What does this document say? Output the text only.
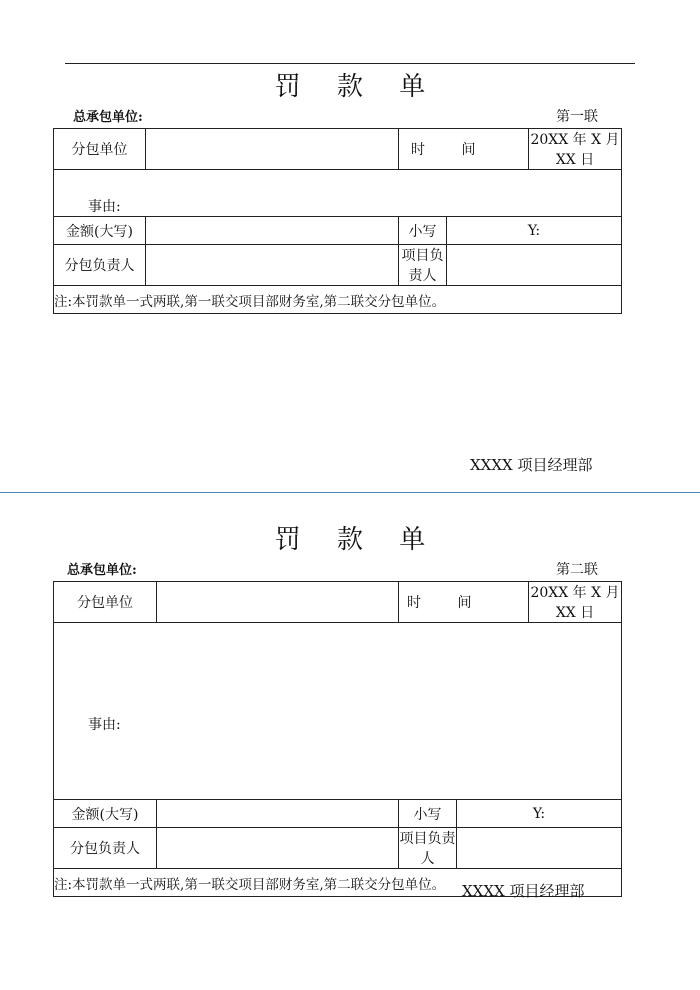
罚 款 单
总承包单位:	第一联
分包单位		时 间		20XX 年 X 月 XX 日

事由:				

金额(大写)		小写	Y:	
分包负责人		项目负责人		
注:本罚款单一式两联,第一联交项目部财务室,第二联交分包单位。				
XXXX 项目经理部
罚 款 单
总承包单位:	第二联
分包单位		时 间		20XX 年 X 月 XX 日

事由:				

金额(大写)		小写	Y:	
分包负责人		项目负责人		
注:本罚款单一式两联,第一联交项目部财务室,第二联交分包单位。				XXXX 项目经理部
